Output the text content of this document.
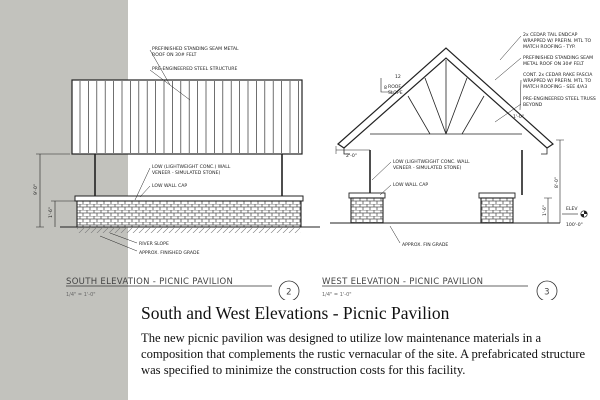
PREFINISHED STANDING SEAM METAL
ROOF ON 30# FELT
PRE-ENGINEERED STEEL STRUCTURE
LOW (LIGHTWEIGHT CONC.) WALL
VENEER - SIMULATED STONE)
LOW WALL CAP
RIVER SLOPE
APPROX. FINISHED GRADE
9'-0"
1'-6"
SOUTH ELEVATION - PICNIC PAVILION
1/4" = 1'-0"	2
2x CEDAR TAIL ENDCAP
WRAPPED W/ PREFIN. MTL TO
MATCH ROOFING - TYP.
PREFINISHED STANDING SEAM
METAL ROOF ON 30# FELT
CONT. 2x CEDAR RAKE FASCIA
WRAPPED W/ PREFIN. MTL TO
MATCH ROOFING - SEE 4/A3
PRE-ENGINEERED STEEL TRUSS
BEYOND
LOW (LIGHTWEIGHT CONC. WALL
VENEER - SIMULATED STONE)
LOW WALL CAP
APPROX. FIN GRADE
12
8 ROOF
SLOPE
2'-0"
1'-0"
8'-0"
1'-6"	ELEV
100'-0"
WEST ELEVATION - PICNIC PAVILION
1/4" = 1'-0"	3
South and West Elevations - Picnic Pavilion

The new picnic pavilion was designed to utilize low maintenance materials in a composition that complements the rustic vernacular of the site. A prefabricated structure was specified to minimize the construction costs for this facility.
